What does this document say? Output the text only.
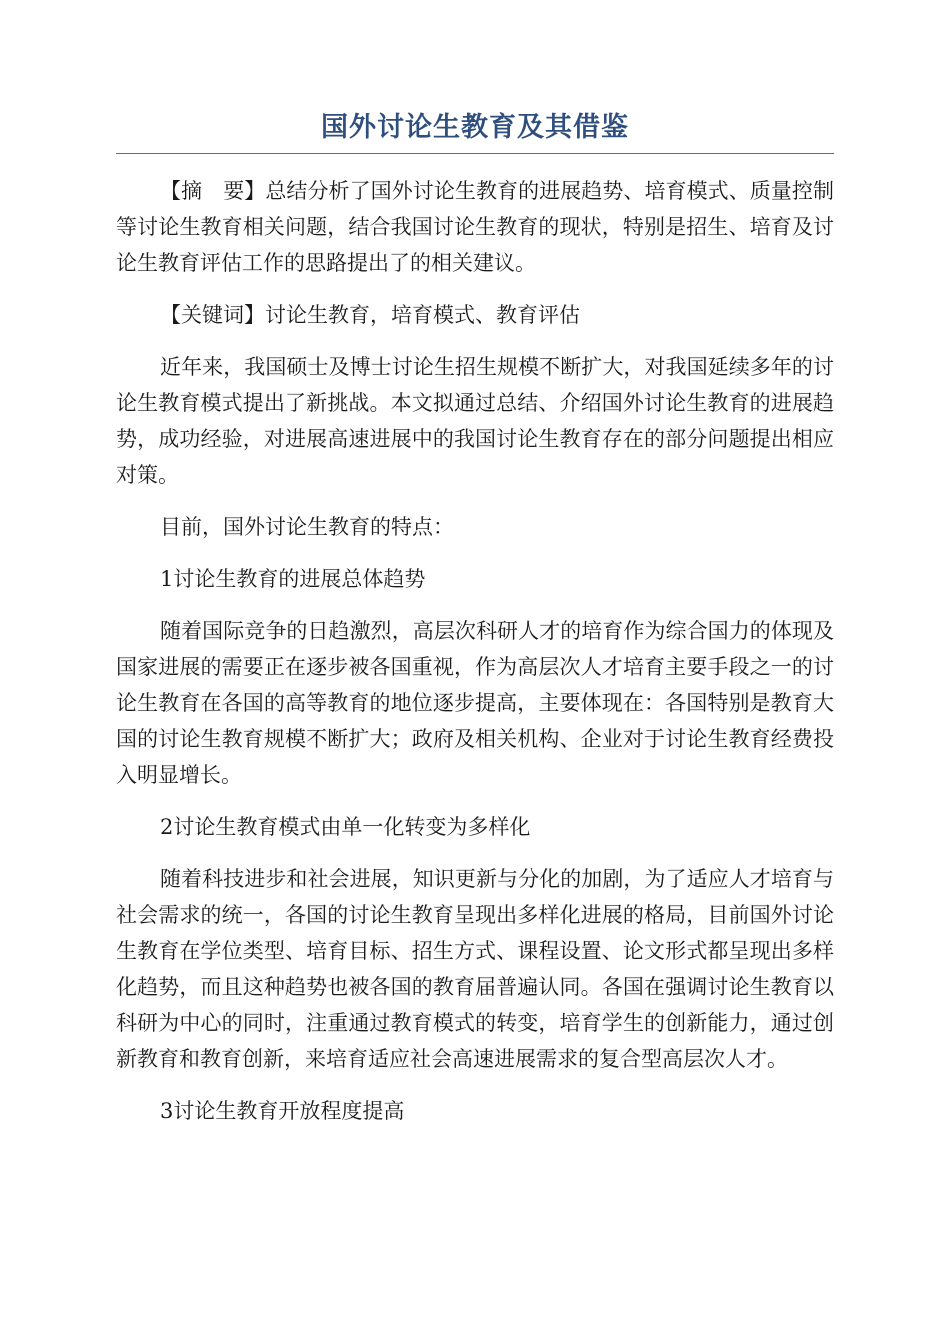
国外讨论生教育及其借鉴

【摘　要】总结分析了国外讨论生教育的进展趋势、培育模式、质量控制等讨论生教育相关问题，结合我国讨论生教育的现状，特别是招生、培育及讨论生教育评估工作的思路提出了的相关建议。

【关键词】讨论生教育，培育模式、教育评估

近年来，我国硕士及博士讨论生招生规模不断扩大，对我国延续多年的讨论生教育模式提出了新挑战。本文拟通过总结、介绍国外讨论生教育的进展趋势，成功经验，对进展高速进展中的我国讨论生教育存在的部分问题提出相应对策。

目前，国外讨论生教育的特点：

1讨论生教育的进展总体趋势

随着国际竞争的日趋激烈，高层次科研人才的培育作为综合国力的体现及国家进展的需要正在逐步被各国重视，作为高层次人才培育主要手段之一的讨论生教育在各国的高等教育的地位逐步提高，主要体现在：各国特别是教育大国的讨论生教育规模不断扩大；政府及相关机构、企业对于讨论生教育经费投入明显增长。

2讨论生教育模式由单一化转变为多样化

随着科技进步和社会进展，知识更新与分化的加剧，为了适应人才培育与社会需求的统一，各国的讨论生教育呈现出多样化进展的格局，目前国外讨论生教育在学位类型、培育目标、招生方式、课程设置、论文形式都呈现出多样化趋势，而且这种趋势也被各国的教育届普遍认同。各国在强调讨论生教育以科研为中心的同时，注重通过教育模式的转变，培育学生的创新能力，通过创新教育和教育创新，来培育适应社会高速进展需求的复合型高层次人才。

3讨论生教育开放程度提高
